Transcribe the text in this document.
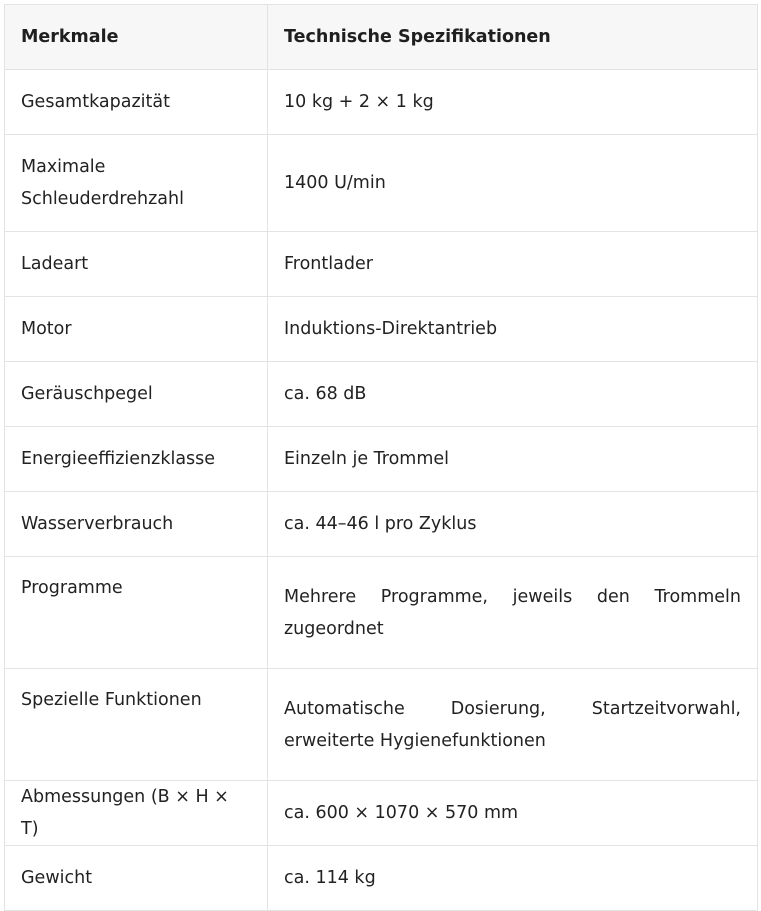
Merkmale	Technische Spezifikationen
Gesamtkapazität	10 kg + 2 × 1 kg
Maximale Schleuderdrehzahl	1400 U/min
Ladeart	Frontlader
Motor	Induktions-Direktantrieb
Geräuschpegel	ca. 68 dB
Energieeffizienzklasse	Einzeln je Trommel
Wasserverbrauch	ca. 44–46 l pro Zyklus
Programme	Mehrere Programme, jeweils den Trommeln zugeordnet
Spezielle Funktionen	Automatische Dosierung, Startzeitvorwahl, erweiterte Hygienefunktionen
Abmessungen (B × H × T)	ca. 600 × 1070 × 570 mm
Gewicht	ca. 114 kg
